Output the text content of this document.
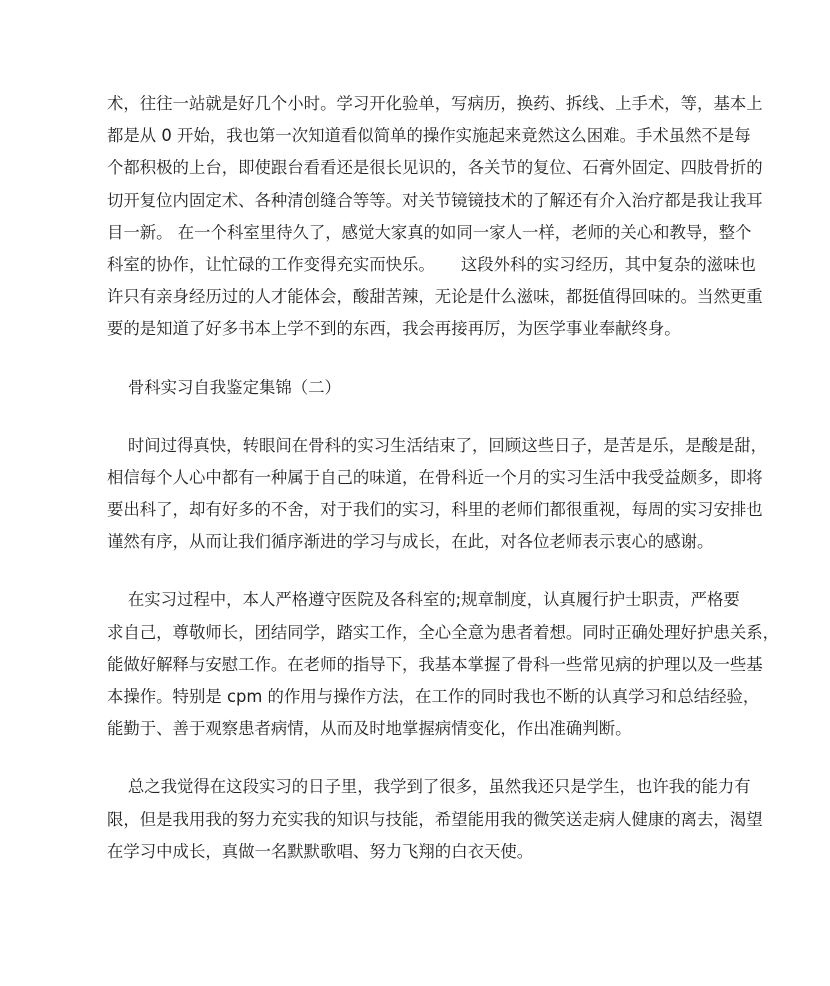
术，往往一站就是好几个小时。学习开化验单，写病历，换药、拆线、上手术，等，基本上
都是从 0 开始，我也第一次知道看似简单的操作实施起来竟然这么困难。手术虽然不是每
个都积极的上台，即使跟台看看还是很长见识的，各关节的复位、石膏外固定、四肢骨折的
切开复位内固定术、各种清创缝合等等。对关节镜镜技术的了解还有介入治疗都是我让我耳
目一新。 在一个科室里待久了，感觉大家真的如同一家人一样，老师的关心和教导，整个
科室的协作，让忙碌的工作变得充实而快乐。     这段外科的实习经历，其中复杂的滋味也
许只有亲身经历过的人才能体会，酸甜苦辣，无论是什么滋味，都挺值得回味的。当然更重
要的是知道了好多书本上学不到的东西，我会再接再厉，为医学事业奉献终身。
骨科实习自我鉴定集锦（二）
时间过得真快，转眼间在骨科的实习生活结束了，回顾这些日子，是苦是乐，是酸是甜，
相信每个人心中都有一种属于自己的味道，在骨科近一个月的实习生活中我受益颇多，即将
要出科了，却有好多的不舍，对于我们的实习，科里的老师们都很重视，每周的实习安排也
谨然有序，从而让我们循序渐进的学习与成长，在此，对各位老师表示衷心的感谢。
在实习过程中，本人严格遵守医院及各科室的;规章制度，认真履行护士职责，严格要
求自己，尊敬师长，团结同学，踏实工作，全心全意为患者着想。同时正确处理好护患关系，
能做好解释与安慰工作。在老师的指导下，我基本掌握了骨科一些常见病的护理以及一些基
本操作。特别是 cpm 的作用与操作方法，在工作的同时我也不断的认真学习和总结经验，
能勤于、善于观察患者病情，从而及时地掌握病情变化，作出准确判断。
总之我觉得在这段实习的日子里，我学到了很多，虽然我还只是学生，也许我的能力有
限，但是我用我的努力充实我的知识与技能，希望能用我的微笑送走病人健康的离去，渴望
在学习中成长，真做一名默默歌唱、努力飞翔的白衣天使。
